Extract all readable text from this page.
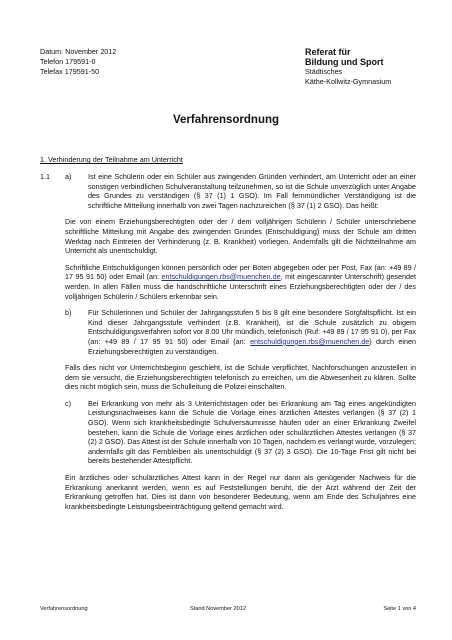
Datum: November 2012
Telefon 179591-0
Telefax 179591-50
Referat für
Bildung und Sport
Städtisches
Käthe-Kollwitz-Gymnasium
Verfahrensordnung
1. Verhinderung der Teilnahme am Unterricht

1.1	a)	Ist eine Schülerin oder ein Schüler aus zwingenden Gründen verhindert, am Unterricht oder an einer sonstigen verbindlichen Schulveranstaltung teilzunehmen, so ist die Schule unverzüglich unter Angabe des Grundes zu verständigen (§ 37 (1) 1 GSO). Im Fall fernmündlicher Verständigung ist die schriftliche Mitteilung innerhalb von zwei Tagen nachzureichen (§ 37 (1) 2 GSO). Das heißt:

Die von einem Erziehungsberechtigten oder der / dem volljährigen Schülerin / Schüler unterschriebene schriftliche Mitteilung mit Angabe des zwingenden Grundes (Entschuldigung) muss der Schule am dritten Werktag nach Eintreten der Verhinderung (z. B. Krankheit) vorliegen. Andernfalls gilt die Nichtteilnahme am Unterricht als unentschuldigt.

Schriftliche Entschuldigungen können persönlich oder per Boten abgegeben oder per Post, Fax (an: +49 89 / 17 95 91 50) oder Email (an: entschuldigungen.rbs@muenchen.de, mit eingescannter Unterschrift) gesendet werden. In allen Fällen muss die handschriftliche Unterschrift eines Erziehungsberechtigten oder der / des volljährigen Schülerin / Schülers erkennbar sein.

b)	Für Schülerinnen und Schüler der Jahrgangsstufen 5 bis 8 gilt eine besondere Sorgfaltspflicht. Ist ein Kind dieser Jahrgangsstufe verhindert (z.B. Krankheit), ist die Schule zusätzlich zu obigem Entschuldigungsverfahren sofort vor 8.00 Uhr mündlich, telefonisch (Ruf: +49 89 / 17 95 91 0), per Fax (an: +49 89 / 17 95 91 50) oder Email (an: entschuldigungen.rbs@muenchen.de) durch einen Erziehungsberechtigten zu verständigen.

Falls dies nicht vor Unterrichtsbeginn geschieht, ist die Schule verpflichtet, Nachforschungen anzustellen in dem sie versucht, die Erziehungsberechtigten telefonisch zu erreichen, um die Abwesenheit zu klären. Sollte dies nicht möglich sein, muss die Schulleitung die Polizei einschalten.

c)	Bei Erkrankung von mehr als 3 Unterrichtstagen oder bei Erkrankung am Tag eines angekündigten Leistungsnachweises kann die Schule die Vorlage eines ärztlichen Attestes verlangen (§ 37 (2) 1 GSO). Wenn sich krankheitsbedingte Schulversäumnisse häufen oder an einer Erkrankung Zweifel bestehen, kann die Schule die Vorlage eines ärztlichen oder schulärztlichen Attestes verlangen (§ 37 (2) 2 GSO). Das Attest ist der Schule innerhalb von 10 Tagen, nachdem es verlangt wurde, vorzulegen; andernfalls gilt das Fernbleiben als unentschuldigt (§ 37 (2) 3 GSO). Die 10-Tage Frist gilt nicht bei bereits bestehender Attestpflicht.

Ein ärztliches oder schulärztliches Attest kann in der Regel nur dann als genügender Nachweis für die Erkrankung anerkannt werden, wenn es auf Feststellungen beruht, die der Arzt während der Zeit der Erkrankung getroffen hat. Dies ist dann von besonderer Bedeutung, wenn am Ende des Schuljahres eine krankheitsbedingte Leistungsbeeinträchtigung geltend gemacht wird.

Verfahrensordnung	Stand November 2012	Seite 1 von 4
